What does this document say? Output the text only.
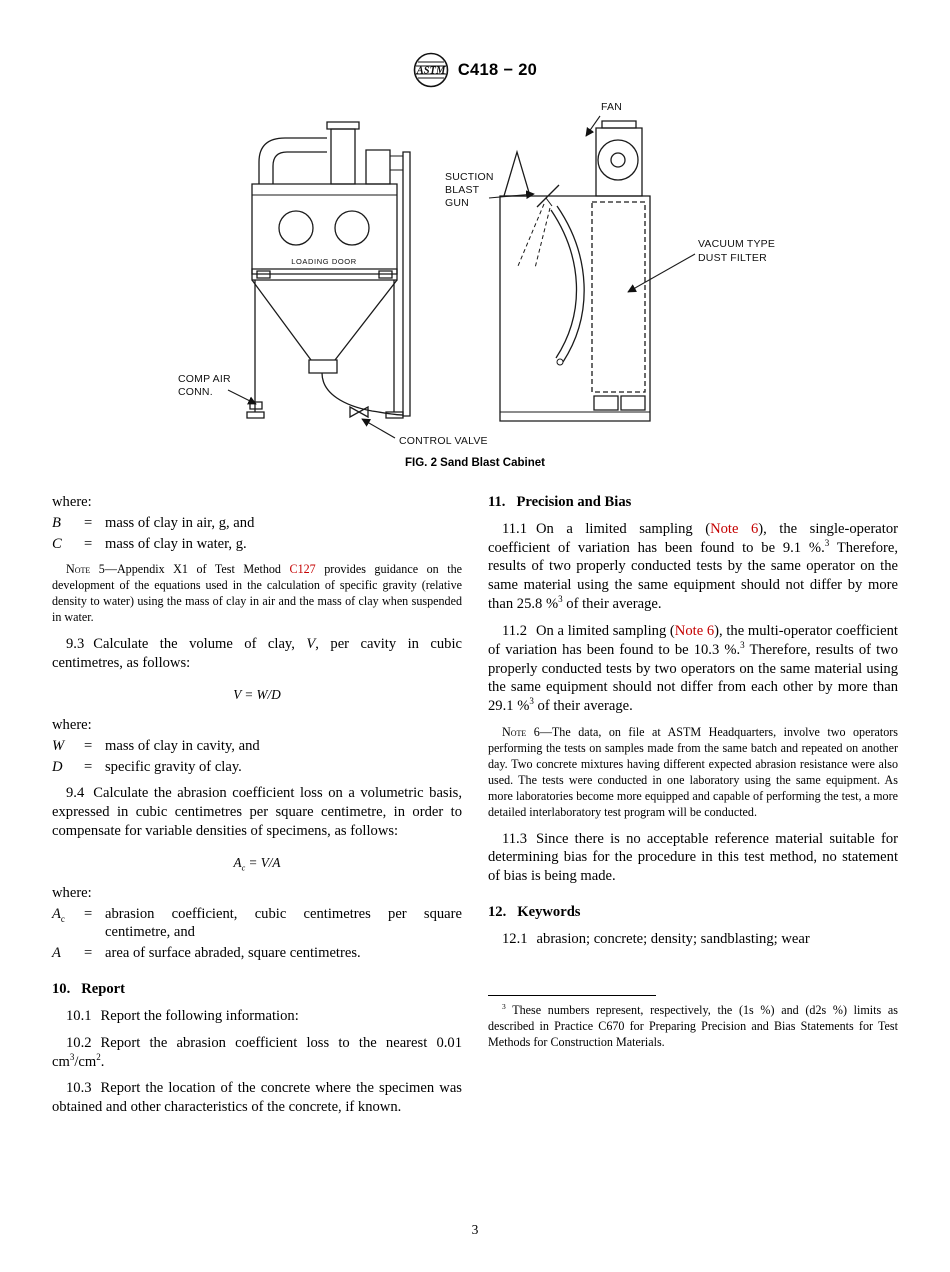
ASTM C418 − 20
LOADING DOOR
FAN
SUCTION
BLAST
GUN
VACUUM TYPE
DUST FILTER
COMP AIR
CONN.
CONTROL VALVE
FIG. 2 Sand Blast Cabinet
where:
B	= mass of clay in air, g, and
C	= mass of clay in water, g.

Note 5—Appendix X1 of Test Method C127 provides guidance on the development of the equations used in the calculation of specific gravity (relative density to water) using the mass of clay in air and the mass of clay when suspended in water.

9.3 Calculate the volume of clay, V, per cavity in cubic centimetres, as follows:

V = W/D
where:
W	= mass of clay in cavity, and
D	= specific gravity of clay.

9.4 Calculate the abrasion coefficient loss on a volumetric basis, expressed in cubic centimetres per square centimetre, in order to compensate for variable densities of specimens, as follows:

$A_c = V/A$
where:
$A_c$	= abrasion coefficient, cubic centimetres per square centimetre, and
A	= area of surface abraded, square centimetres.
10. Report

10.1 Report the following information:

10.2 Report the abrasion coefficient loss to the nearest 0.01 $cm^3/cm^2$.

10.3 Report the location of the concrete where the specimen was obtained and other characteristics of the concrete, if known.

11. Precision and Bias

11.1 On a limited sampling (Note 6), the single-operator coefficient of variation has been found to be 9.1 %.$^3$ Therefore, results of two properly conducted tests by the same operator on the same material using the same equipment should not differ by more than 25.8 %$^3$ of their average.

11.2 On a limited sampling (Note 6), the multi-operator coefficient of variation has been found to be 10.3 %.$^3$ Therefore, results of two properly conducted tests by two operators on the same material using the same equipment should not differ from each other by more than 29.1 %$^3$ of their average.

Note 6—The data, on file at ASTM Headquarters, involve two operators performing the tests on samples made from the same batch and repeated on another day. Two concrete mixtures having different expected abrasion resistance were also used. The tests were conducted in one laboratory using the same equipment. As more laboratories become more equipped and capable of performing the test, a more detailed interlaboratory test program will be conducted.

11.3 Since there is no acceptable reference material suitable for determining bias for the procedure in this test method, no statement of bias is being made.

12. Keywords

12.1 abrasion; concrete; density; sandblasting; wear

$^3$ These numbers represent, respectively, the (1s %) and (d2s %) limits as described in Practice C670 for Preparing Precision and Bias Statements for Test Methods for Construction Materials.

3
